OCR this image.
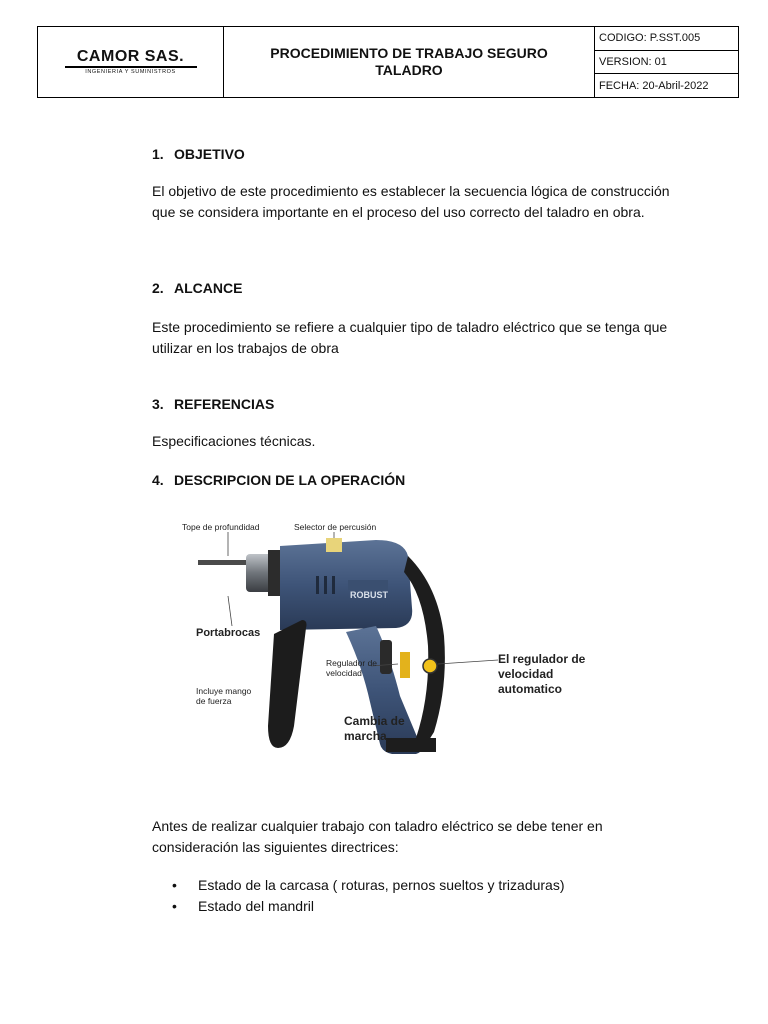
CAMOR SAS.
INGENIERIA Y SUMINISTROS
PROCEDIMIENTO DE TRABAJO SEGURO
TALADRO
CODIGO: P.SST.005
VERSION: 01
FECHA: 20-Abril-2022
1. OBJETIVO
El objetivo de este procedimiento es establecer la secuencia lógica de construcción que se considera importante en el proceso del uso correcto del taladro en obra.
2. ALCANCE
Este procedimiento se refiere a cualquier tipo de taladro eléctrico que se tenga que utilizar en los trabajos de obra
3. REFERENCIAS
Especificaciones técnicas.
4. DESCRIPCION DE LA OPERACIÓN
Antes de realizar cualquier trabajo con taladro eléctrico se debe tener en consideración las siguientes directrices:
• Estado de la carcasa ( roturas, pernos sueltos y trizaduras)
• Estado del mandril
ROBUST
Tope de profundidad	Selector de percusión
Portabrocas
Regulador de
velocidad
Incluye mango
de fuerza
Cambia de
marcha
El regulador de
velocidad
automatico
